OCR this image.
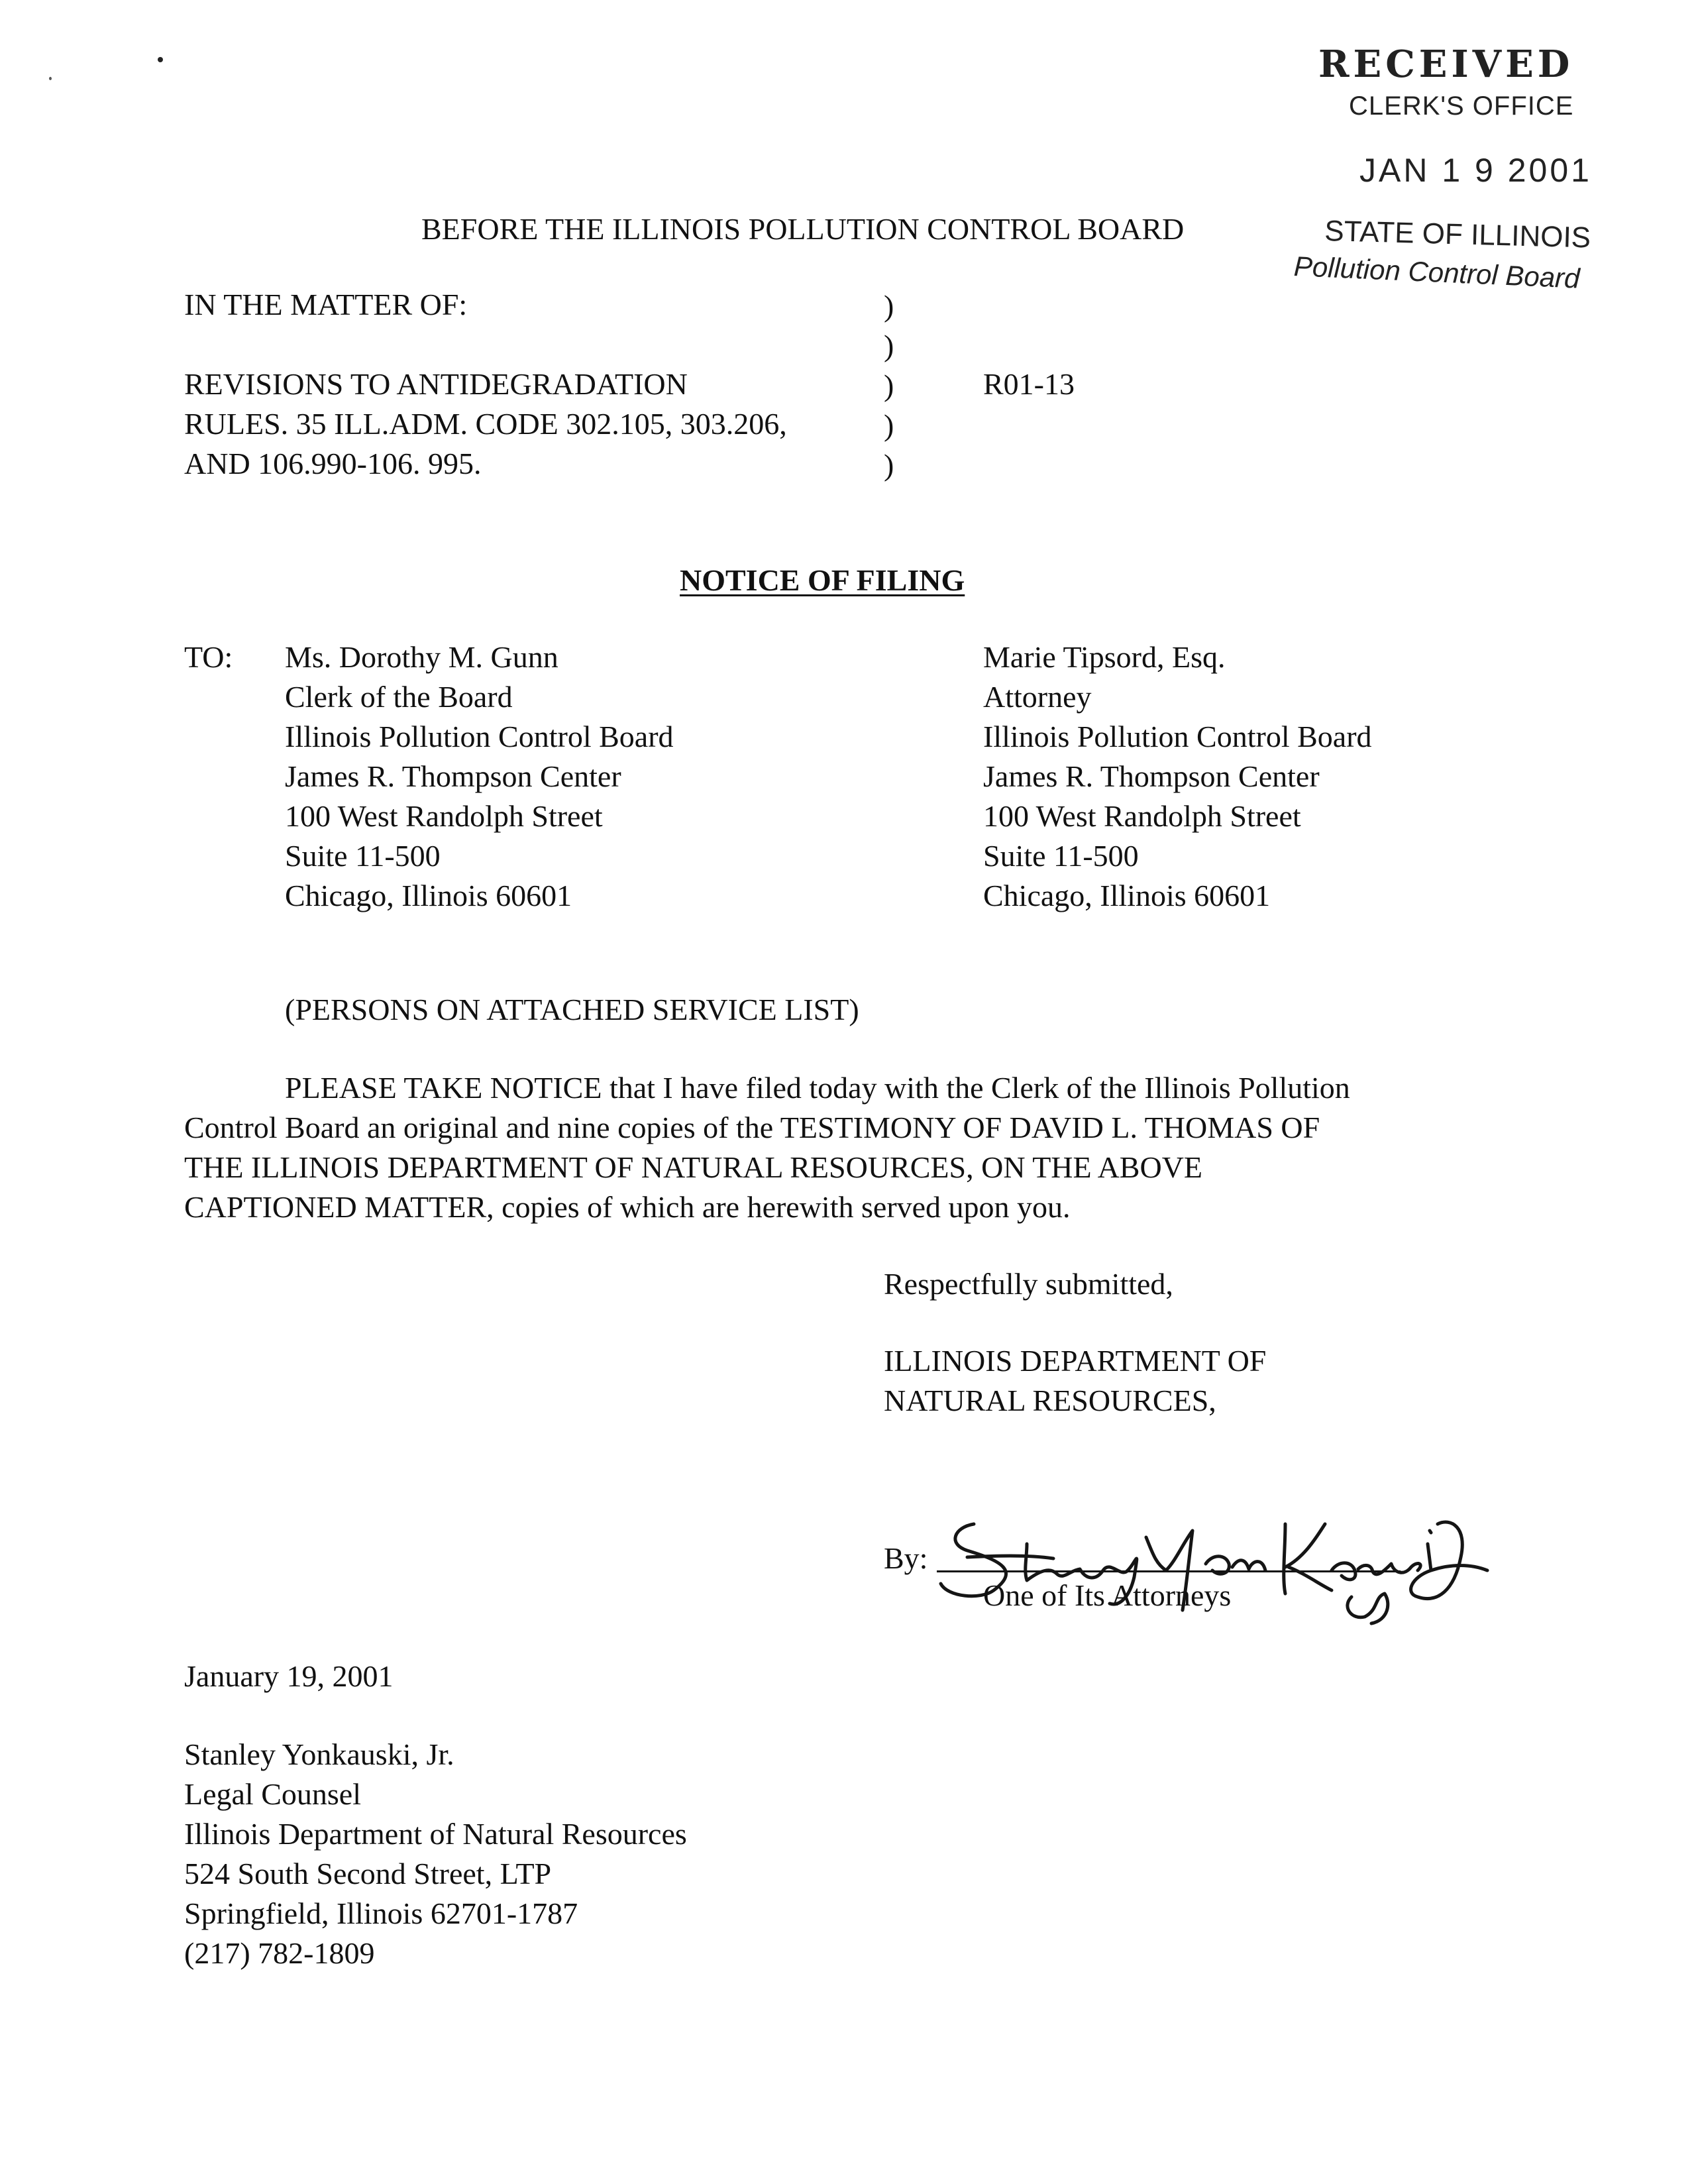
RECEIVED
CLERK'S OFFICE
JAN 1 9 2001
STATE OF ILLINOIS
Pollution Control Board
BEFORE THE ILLINOIS POLLUTION CONTROL BOARD
IN THE MATTER OF:
REVISIONS TO ANTIDEGRADATION
RULES. 35 ILL.ADM. CODE 302.105, 303.206,
AND 106.990-106. 995.
)
)
)
)
)
R01-13
NOTICE OF FILING
TO: Ms. Dorothy M. Gunn
Clerk of the Board
Illinois Pollution Control Board
James R. Thompson Center
100 West Randolph Street
Suite 11-500
Chicago, Illinois 60601
Marie Tipsord, Esq.
Attorney
Illinois Pollution Control Board
James R. Thompson Center
100 West Randolph Street
Suite 11-500
Chicago, Illinois 60601
(PERSONS ON ATTACHED SERVICE LIST)
PLEASE TAKE NOTICE that I have filed today with the Clerk of the Illinois Pollution
Control Board an original and nine copies of the TESTIMONY OF DAVID L. THOMAS OF
THE ILLINOIS DEPARTMENT OF NATURAL RESOURCES, ON THE ABOVE
CAPTIONED MATTER, copies of which are herewith served upon you.
Respectfully submitted,
ILLINOIS DEPARTMENT OF
NATURAL RESOURCES,
By:
One of Its Attorneys
January 19, 2001
Stanley Yonkauski, Jr.
Legal Counsel
Illinois Department of Natural Resources
524 South Second Street, LTP
Springfield, Illinois 62701-1787
(217) 782-1809
